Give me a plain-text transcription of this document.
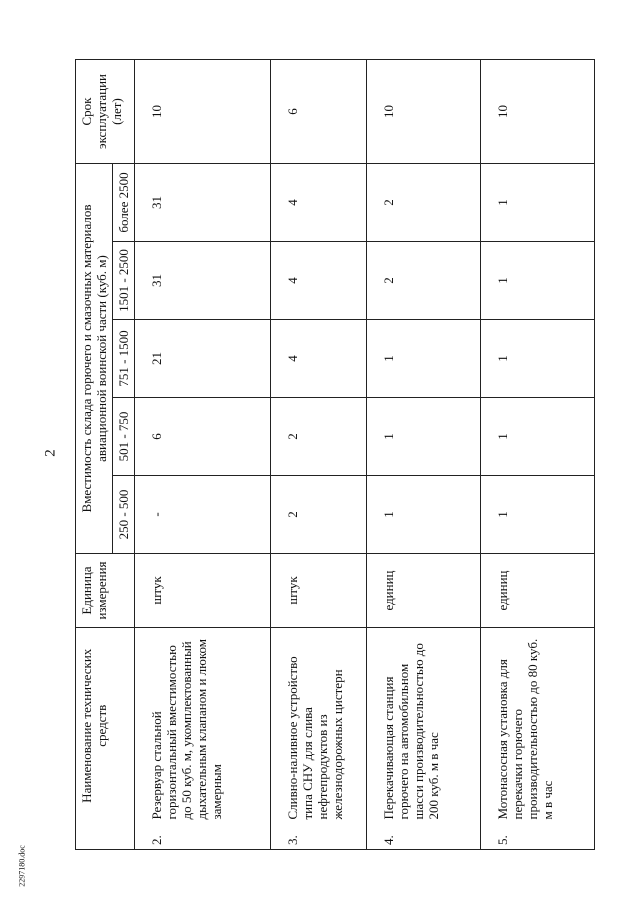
2
2297180.doc
	Наименование технических средств	Единица измерения	Вместимость склада горючего и смазочных материалов авиационной воинской части (куб. м)					Срок эксплуатации (лет)
			250 - 500	501 - 750	751 - 1500	1501 - 2500	более 2500	
2.	Резервуар стальной горизонтальный вместимостью до 50 куб. м, укомплектованный дыхательным клапаном и люком замерным	штук	-	6	21	31	31	10
3.	Сливно-наливное устройство типа СНУ для слива нефтепродуктов из железнодорожных цистерн	штук	2	2	4	4	4	6
4.	Перекачивающая станция горючего на автомобильном шасси производительностью до 200 куб. м в час	единиц	1	1	1	2	2	10
5.	Мотонасосная установка для перекачки горючего производительностью до 80 куб. м в час	единиц	1	1	1	1	1	10
